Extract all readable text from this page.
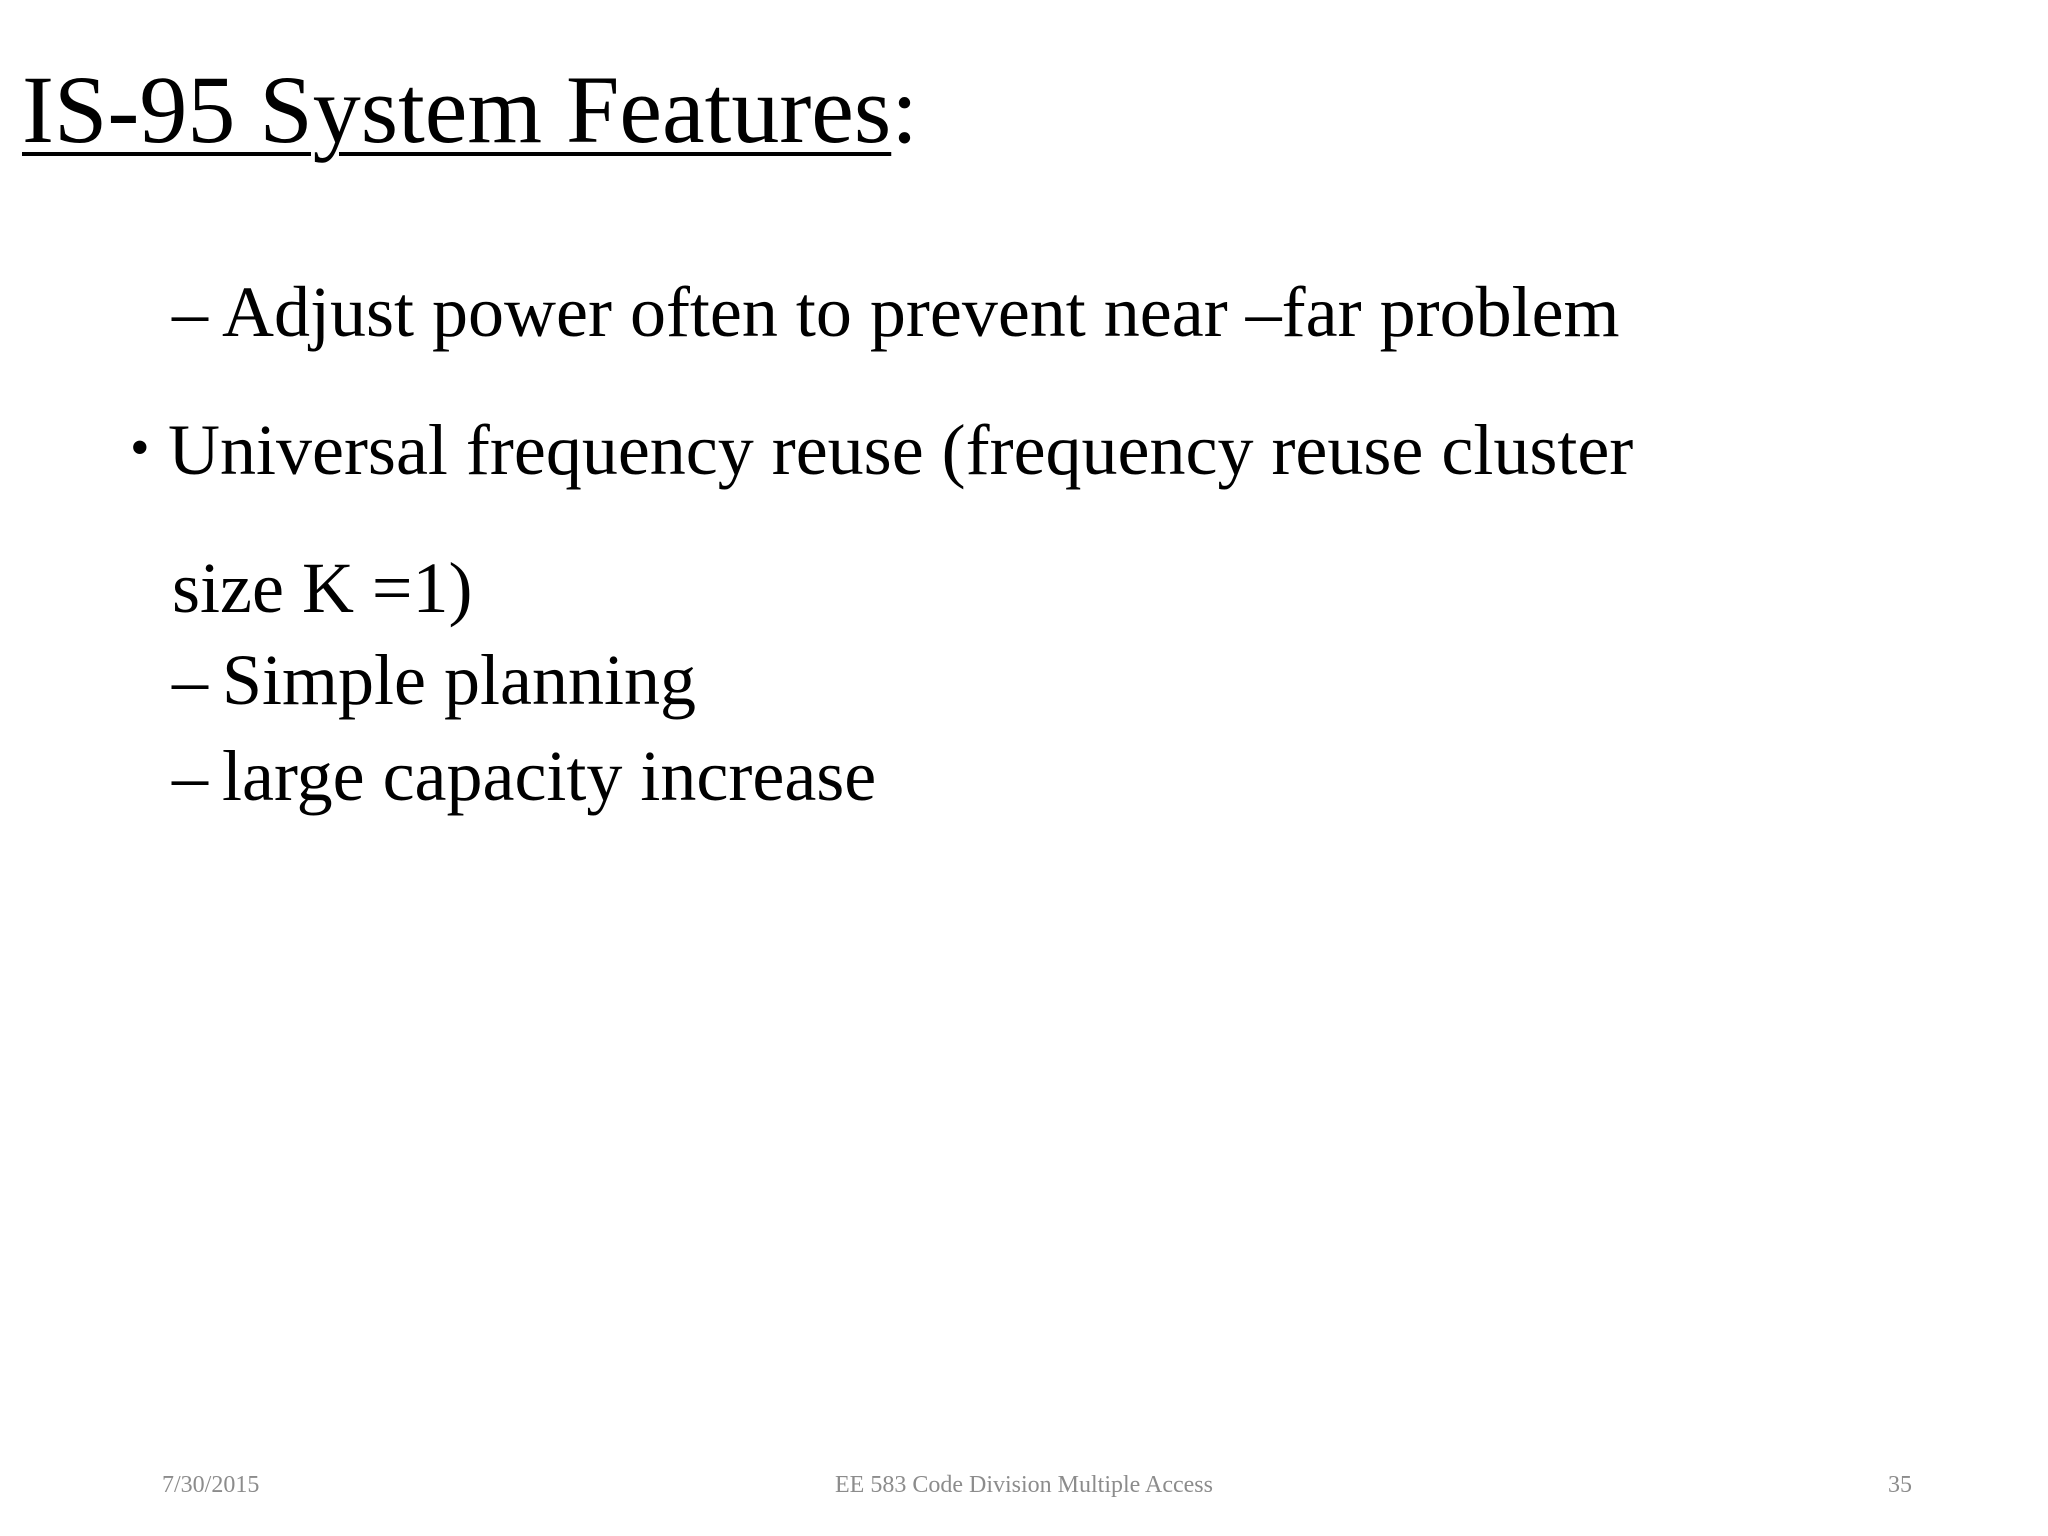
IS-95 System Features:
– Adjust power often to prevent near –far problem
• Universal frequency reuse (frequency reuse cluster
size K =1)
– Simple planning
– large capacity increase
7/30/2015	EE 583 Code Division Multiple Access	35
